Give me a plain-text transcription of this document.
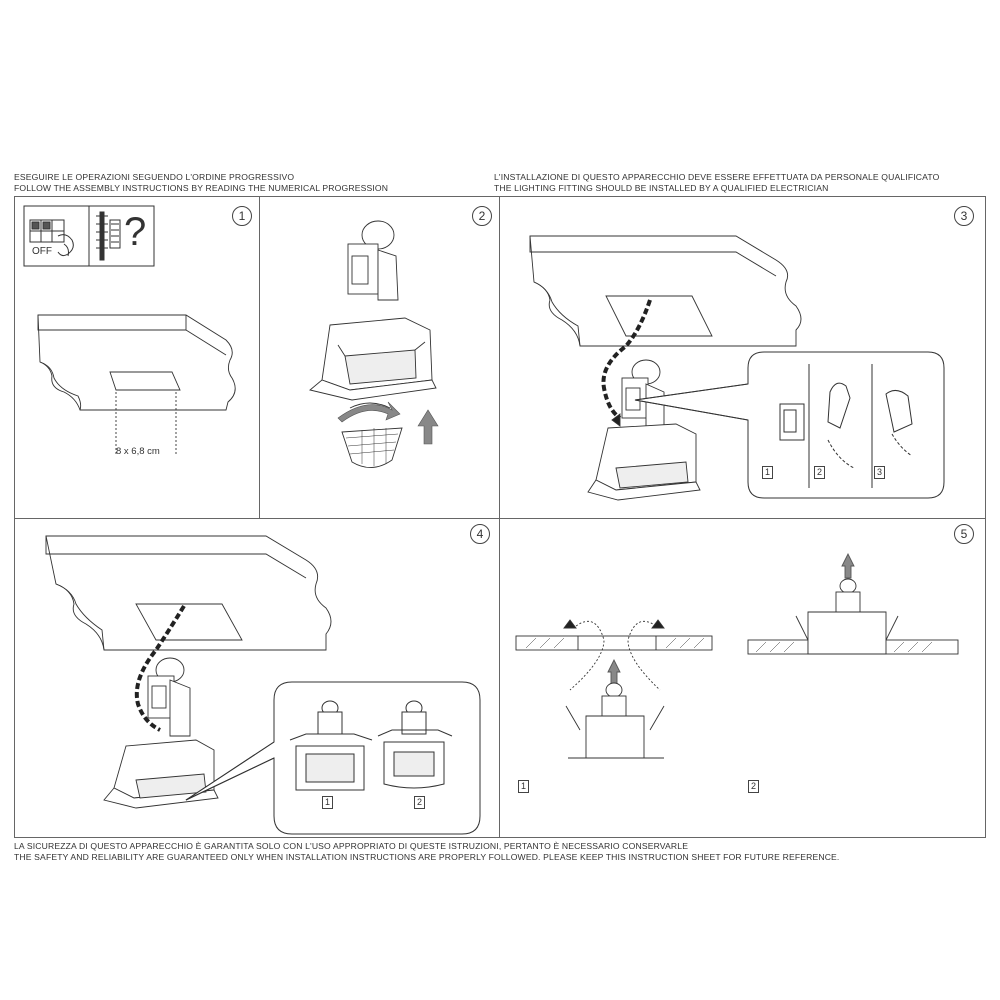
ESEGUIRE LE OPERAZIONI SEGUENDO L'ORDINE PROGRESSIVO
FOLLOW THE ASSEMBLY INSTRUCTIONS BY READING THE NUMERICAL PROGRESSION
L'INSTALLAZIONE DI QUESTO APPARECCHIO DEVE ESSERE EFFETTUATA DA PERSONALE QUALIFICATO
THE LIGHTING FITTING SHOULD BE INSTALLED BY A QUALIFIED ELECTRICIAN
1	2	3
4	5
OFF ?
8 x 6,8 cm
1	2	3
1	2
1	2
LA SICUREZZA DI QUESTO APPARECCHIO È GARANTITA SOLO CON L'USO APPROPRIATO DI QUESTE ISTRUZIONI, PERTANTO È NECESSARIO CONSERVARLE
THE SAFETY AND RELIABILITY ARE GUARANTEED ONLY WHEN INSTALLATION INSTRUCTIONS ARE PROPERLY FOLLOWED. PLEASE KEEP THIS INSTRUCTION SHEET FOR FUTURE REFERENCE.
